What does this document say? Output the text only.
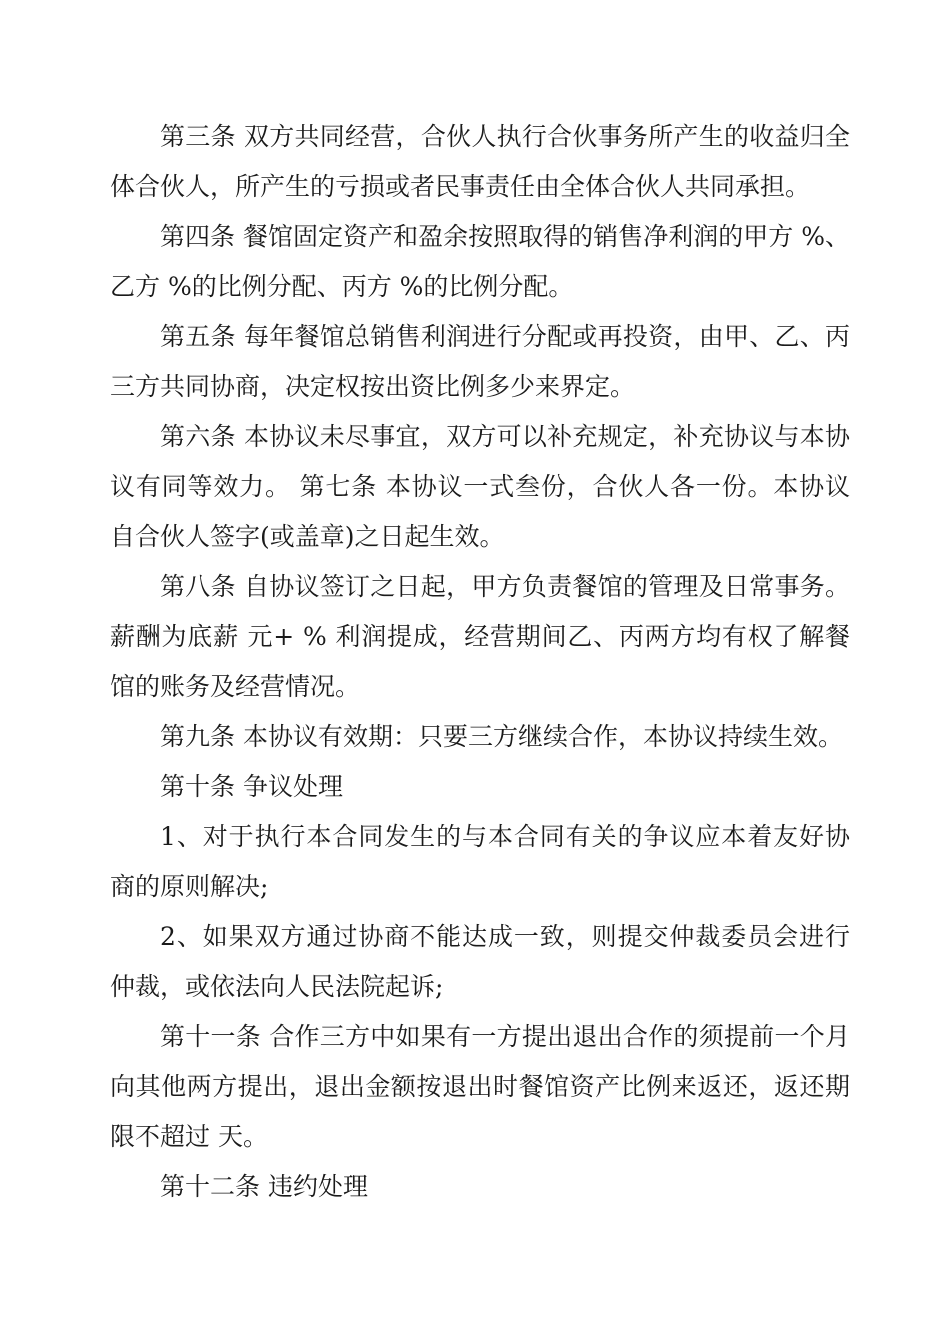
第三条 双方共同经营，合伙人执行合伙事务所产生的收益归全体合伙人，所产生的亏损或者民事责任由全体合伙人共同承担。

第四条 餐馆固定资产和盈余按照取得的销售净利润的甲方 %、乙方 %的比例分配、丙方 %的比例分配。

第五条 每年餐馆总销售利润进行分配或再投资，由甲、乙、丙三方共同协商，决定权按出资比例多少来界定。

第六条 本协议未尽事宜，双方可以补充规定，补充协议与本协议有同等效力。 第七条 本协议一式叁份，合伙人各一份。本协议自合伙人签字(或盖章)之日起生效。

第八条 自协议签订之日起，甲方负责餐馆的管理及日常事务。薪酬为底薪 元+ % 利润提成，经营期间乙、丙两方均有权了解餐馆的账务及经营情况。

第九条 本协议有效期：只要三方继续合作，本协议持续生效。

第十条 争议处理

1、对于执行本合同发生的与本合同有关的争议应本着友好协商的原则解决;

2、如果双方通过协商不能达成一致，则提交仲裁委员会进行仲裁，或依法向人民法院起诉;

第十一条 合作三方中如果有一方提出退出合作的须提前一个月向其他两方提出，退出金额按退出时餐馆资产比例来返还，返还期限不超过 天。

第十二条 违约处理
